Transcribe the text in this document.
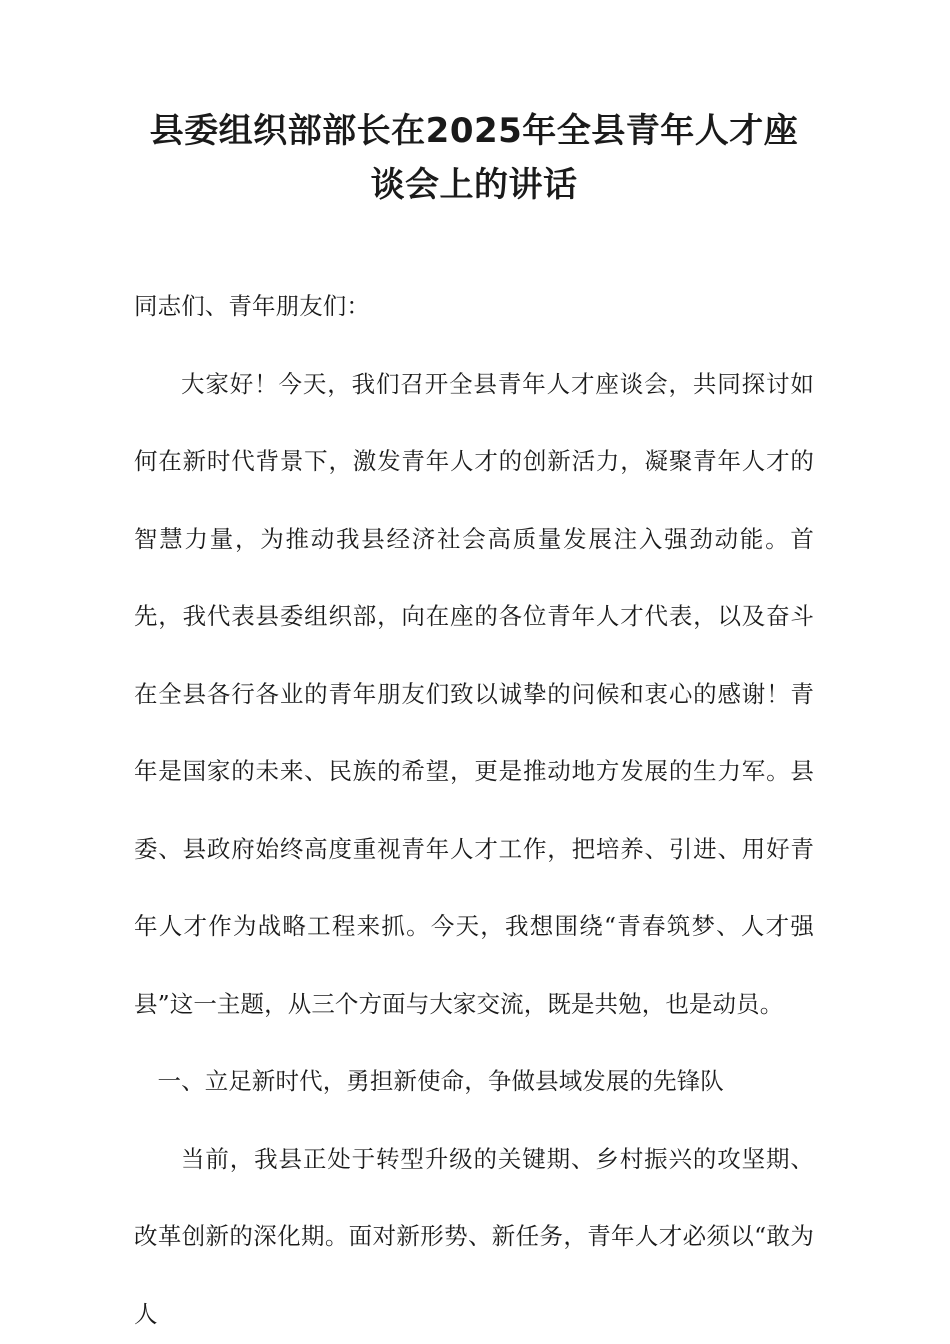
县委组织部部长在2025年全县青年人才座谈会上的讲话

同志们、青年朋友们：

大家好！今天，我们召开全县青年人才座谈会，共同探讨如何在新时代背景下，激发青年人才的创新活力，凝聚青年人才的智慧力量，为推动我县经济社会高质量发展注入强劲动能。首先，我代表县委组织部，向在座的各位青年人才代表，以及奋斗在全县各行各业的青年朋友们致以诚挚的问候和衷心的感谢！青年是国家的未来、民族的希望，更是推动地方发展的生力军。县委、县政府始终高度重视青年人才工作，把培养、引进、用好青年人才作为战略工程来抓。今天，我想围绕“青春筑梦、人才强县”这一主题，从三个方面与大家交流，既是共勉，也是动员。

一、立足新时代，勇担新使命，争做县域发展的先锋队

当前，我县正处于转型升级的关键期、乡村振兴的攻坚期、改革创新的深化期。面对新形势、新任务，青年人才必须以“敢为人
